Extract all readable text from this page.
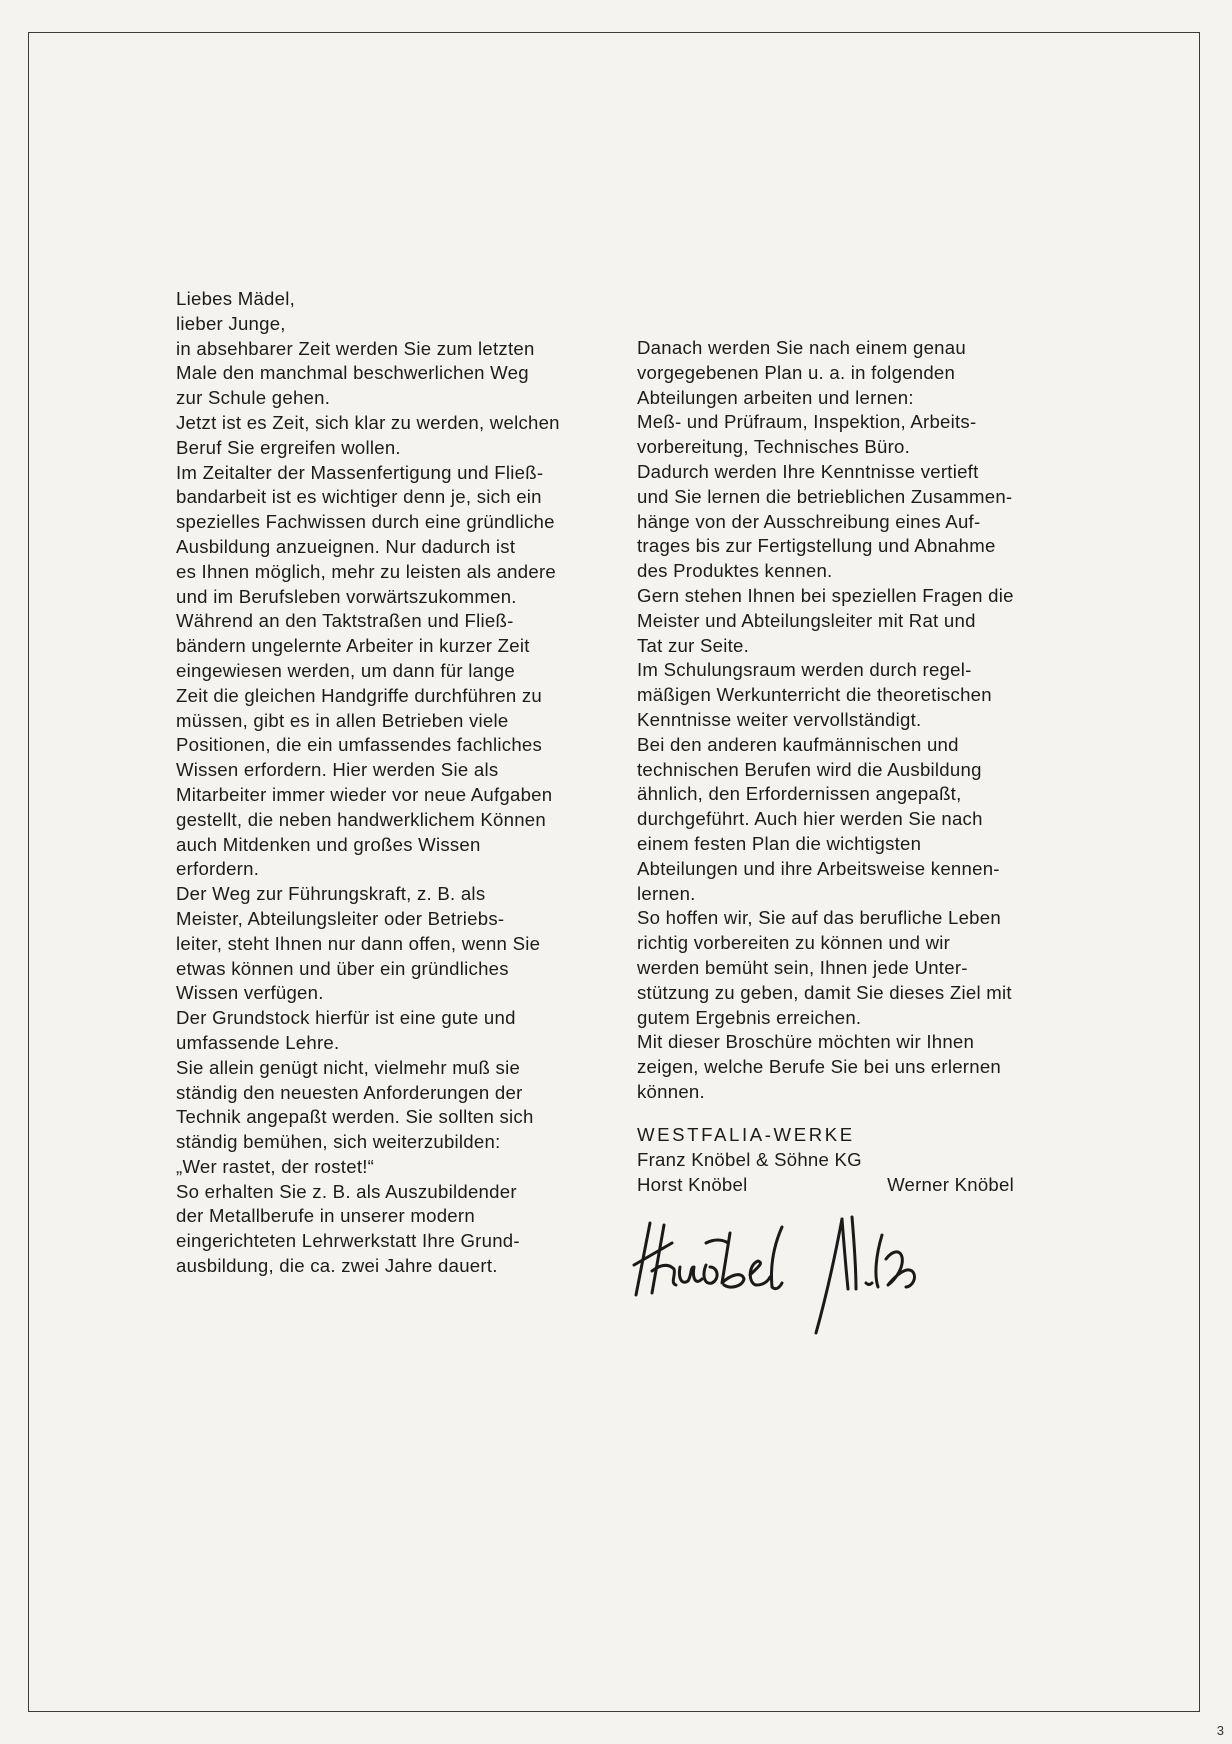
Liebes Mädel,
lieber Junge,
in absehbarer Zeit werden Sie zum letzten
Male den manchmal beschwerlichen Weg
zur Schule gehen.
Jetzt ist es Zeit, sich klar zu werden, welchen
Beruf Sie ergreifen wollen.
Im Zeitalter der Massenfertigung und Fließ-
bandarbeit ist es wichtiger denn je, sich ein
spezielles Fachwissen durch eine gründliche
Ausbildung anzueignen. Nur dadurch ist
es Ihnen möglich, mehr zu leisten als andere
und im Berufsleben vorwärtszukommen.
Während an den Taktstraßen und Fließ-
bändern ungelernte Arbeiter in kurzer Zeit
eingewiesen werden, um dann für lange
Zeit die gleichen Handgriffe durchführen zu
müssen, gibt es in allen Betrieben viele
Positionen, die ein umfassendes fachliches
Wissen erfordern. Hier werden Sie als
Mitarbeiter immer wieder vor neue Aufgaben
gestellt, die neben handwerklichem Können
auch Mitdenken und großes Wissen
erfordern.
Der Weg zur Führungskraft, z. B. als
Meister, Abteilungsleiter oder Betriebs-
leiter, steht Ihnen nur dann offen, wenn Sie
etwas können und über ein gründliches
Wissen verfügen.
Der Grundstock hierfür ist eine gute und
umfassende Lehre.
Sie allein genügt nicht, vielmehr muß sie
ständig den neuesten Anforderungen der
Technik angepaßt werden. Sie sollten sich
ständig bemühen, sich weiterzubilden:
„Wer rastet, der rostet!“
So erhalten Sie z. B. als Auszubildender
der Metallberufe in unserer modern
eingerichteten Lehrwerkstatt Ihre Grund-
ausbildung, die ca. zwei Jahre dauert.
Danach werden Sie nach einem genau
vorgegebenen Plan u. a. in folgenden
Abteilungen arbeiten und lernen:
Meß- und Prüfraum, Inspektion, Arbeits-
vorbereitung, Technisches Büro.
Dadurch werden Ihre Kenntnisse vertieft
und Sie lernen die betrieblichen Zusammen-
hänge von der Ausschreibung eines Auf-
trages bis zur Fertigstellung und Abnahme
des Produktes kennen.
Gern stehen Ihnen bei speziellen Fragen die
Meister und Abteilungsleiter mit Rat und
Tat zur Seite.
Im Schulungsraum werden durch regel-
mäßigen Werkunterricht die theoretischen
Kenntnisse weiter vervollständigt.
Bei den anderen kaufmännischen und
technischen Berufen wird die Ausbildung
ähnlich, den Erfordernissen angepaßt,
durchgeführt. Auch hier werden Sie nach
einem festen Plan die wichtigsten
Abteilungen und ihre Arbeitsweise kennen-
lernen.
So hoffen wir, Sie auf das berufliche Leben
richtig vorbereiten zu können und wir
werden bemüht sein, Ihnen jede Unter-
stützung zu geben, damit Sie dieses Ziel mit
gutem Ergebnis erreichen.
Mit dieser Broschüre möchten wir Ihnen
zeigen, welche Berufe Sie bei uns erlernen
können.
WESTFALIA-WERKE
Franz Knöbel & Söhne KG
Horst Knöbel	Werner Knöbel
3
